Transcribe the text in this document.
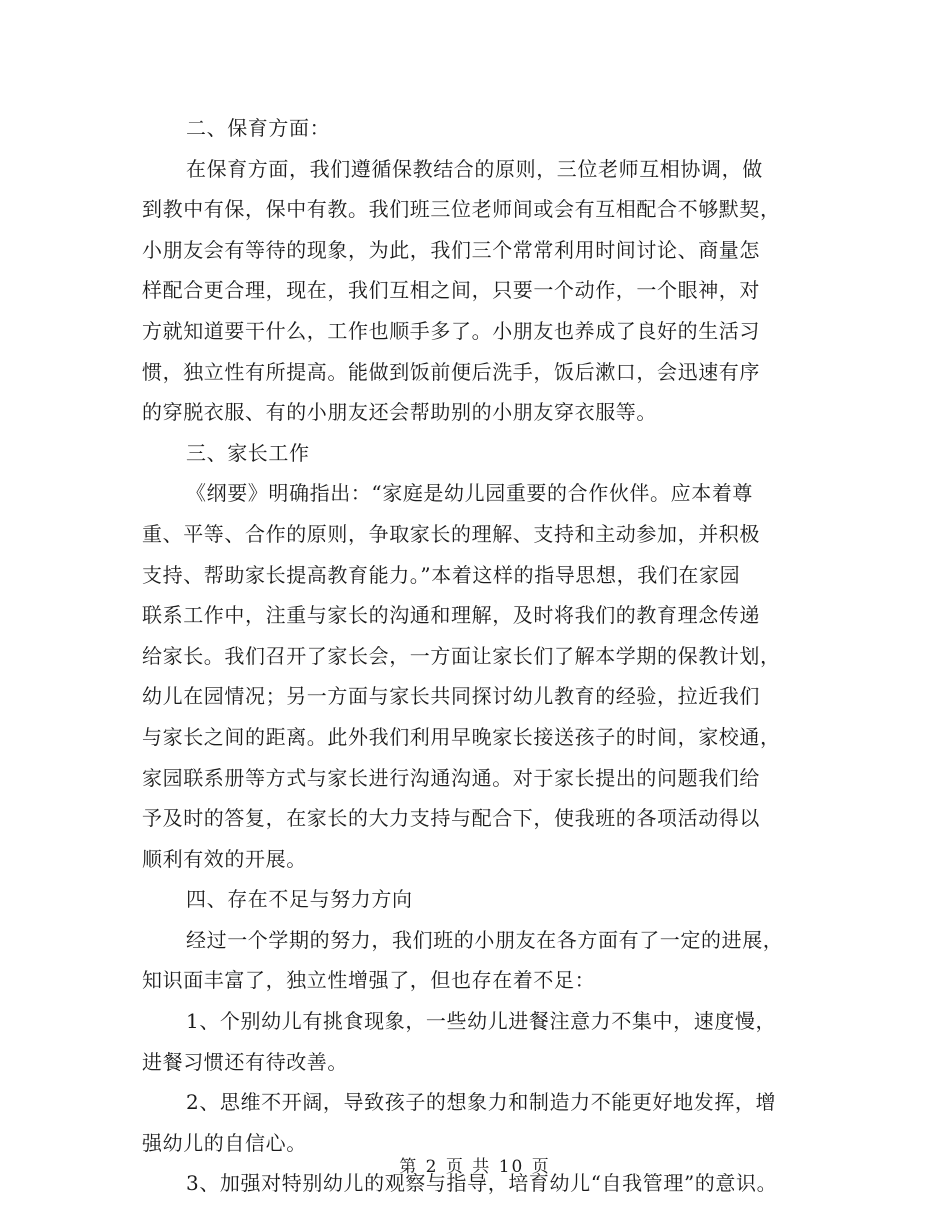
二、保育方面：
在保育方面，我们遵循保教结合的原则，三位老师互相协调，做
到教中有保，保中有教。我们班三位老师间或会有互相配合不够默契，
小朋友会有等待的现象，为此，我们三个常常利用时间讨论、商量怎
样配合更合理，现在，我们互相之间，只要一个动作，一个眼神，对
方就知道要干什么，工作也顺手多了。小朋友也养成了良好的生活习
惯，独立性有所提高。能做到饭前便后洗手，饭后漱口，会迅速有序
的穿脱衣服、有的小朋友还会帮助别的小朋友穿衣服等。
三、家长工作
《纲要》明确指出：“家庭是幼儿园重要的合作伙伴。应本着尊
重、平等、合作的原则，争取家长的理解、支持和主动参加，并积极
支持、帮助家长提高教育能力。”本着这样的指导思想，我们在家园
联系工作中，注重与家长的沟通和理解，及时将我们的教育理念传递
给家长。我们召开了家长会，一方面让家长们了解本学期的保教计划，
幼儿在园情况；另一方面与家长共同探讨幼儿教育的经验，拉近我们
与家长之间的距离。此外我们利用早晚家长接送孩子的时间，家校通，
家园联系册等方式与家长进行沟通沟通。对于家长提出的问题我们给
予及时的答复，在家长的大力支持与配合下，使我班的各项活动得以
顺利有效的开展。
四、存在不足与努力方向
经过一个学期的努力，我们班的小朋友在各方面有了一定的进展，
知识面丰富了，独立性增强了，但也存在着不足：
1、个别幼儿有挑食现象，一些幼儿进餐注意力不集中，速度慢，
进餐习惯还有待改善。
2、思维不开阔，导致孩子的想象力和制造力不能更好地发挥，增
强幼儿的自信心。
3、加强对特别幼儿的观察与指导，培育幼儿“自我管理”的意识。
第 2 页 共 10 页
